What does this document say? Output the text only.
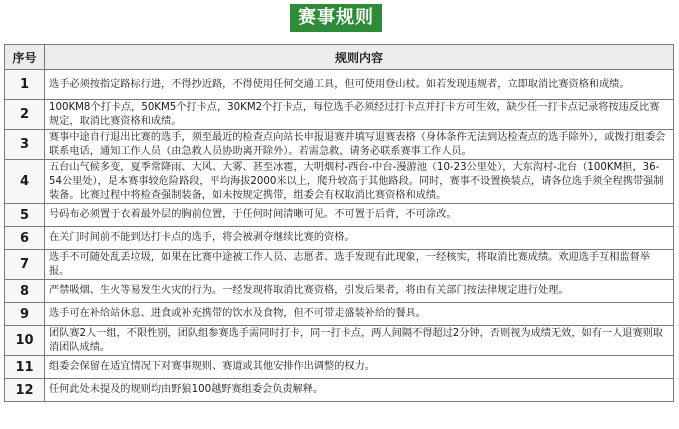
赛事规则
序号	规则内容
1	选手必须按指定路标行进，不得抄近路，不得使用任何交通工具，但可使用登山杖。如若发现违规者，立即取消比赛资格和成绩。
2	100KM8个打卡点，50KM5个打卡点，30KM2个打卡点，每位选手必须经过打卡点并打卡方可生效，缺少任一打卡点记录将按违反比赛规定，取消比赛资格和成绩。
3	赛事中途自行退出比赛的选手，须至最近的检查点向站长申报退赛并填写退赛表格（身体条件无法到达检查点的选手除外），或拨打组委会联系电话，通知工作人员（由急救人员协助离开除外）。若需急救，请务必联系赛事工作人员。
4	五台山气候多变，夏季常降雨、大风、大雾、甚至冰雹，大明烟村-西台-中台-漫游池（10-23公里处），大东沟村-北台（100KM担，36-54公里处），是本赛事较危险路段，平均海拔2000米以上，爬升较高于其他路段。同时，赛事不设置换装点，请各位选手须全程携带强制装备。比赛过程中将检查强制装备，如未按规定携带，组委会有权取消比赛资格和成绩。
5	号码布必须置于衣着最外层的胸前位置，于任何时间清晰可见。不可置于后背，不可涂改。
6	在关门时间前不能到达打卡点的选手，将会被剥夺继续比赛的资格。
7	选手不可随处乱丢垃圾，如果在比赛中途被工作人员、志愿者、选手发现有此现象，一经核实，将取消比赛成绩。欢迎选手互相监督举报。
8	严禁吸烟、生火等易发生火灾的行为。一经发现将取消比赛资格，引发后果者，将由有关部门按法律规定进行处理。
9	选手可在补给站休息、进食或补充携带的饮水及食物，但不可带走盛装补给的餐具。
10	团队赛2人一组，不限性别，团队组参赛选手需同时打卡，同一打卡点，两人间隔不得超过2分钟，否则视为成绩无效，如有一人退赛则取消团队成绩。
11	组委会保留在适宜情况下对赛事规则、赛道或其他安排作出调整的权力。
12	任何此处未提及的规则均由野狼100越野赛组委会负责解释。
